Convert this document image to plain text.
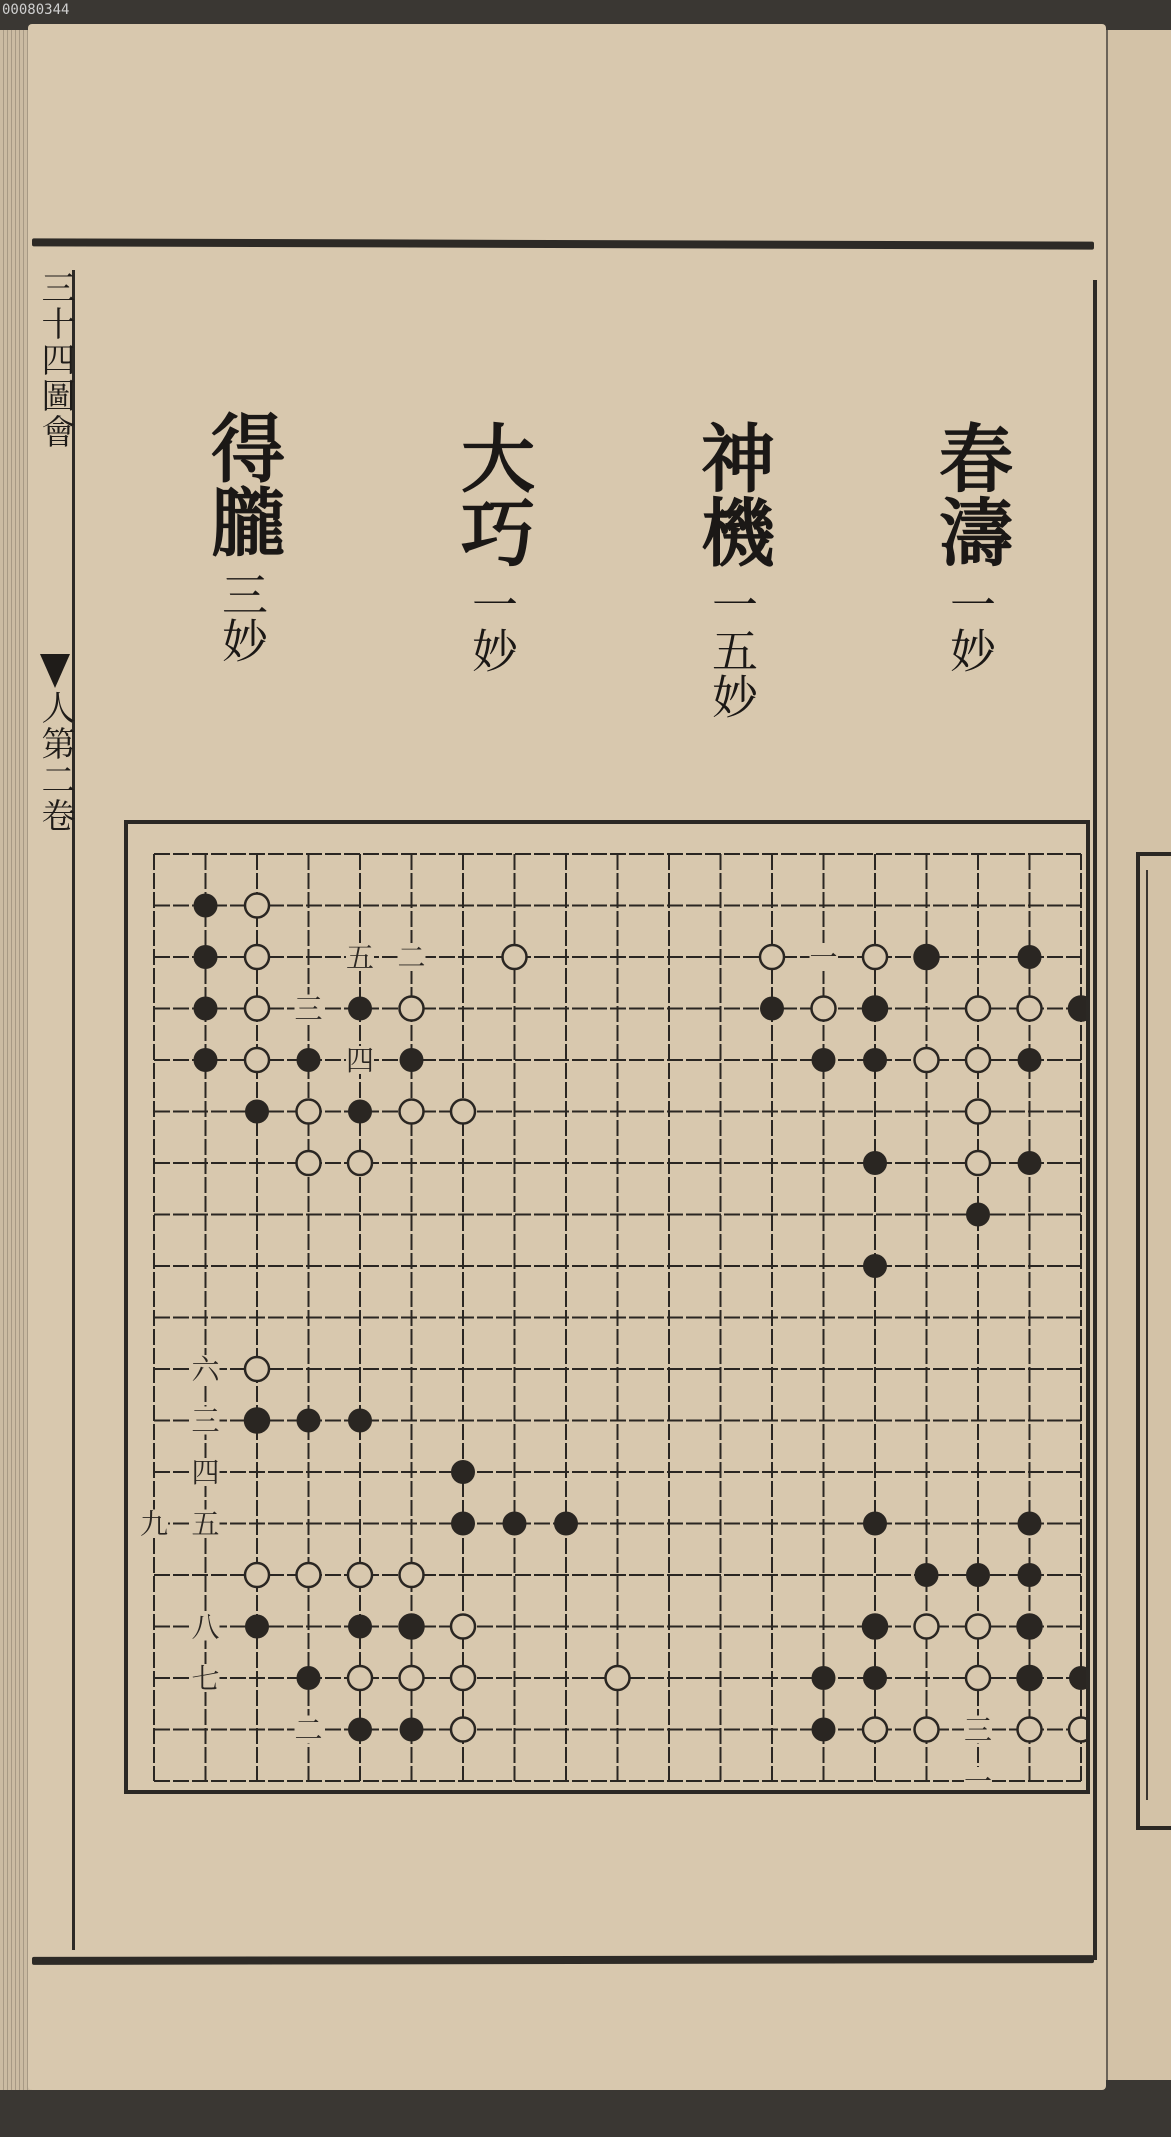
00080344
三十四圖會
人第二卷
春濤 一妙
神機 一五妙
大巧 一妙
得朧 三妙
五 二
三
四
一
六
三
四
五
九
八
七
二	三
一
